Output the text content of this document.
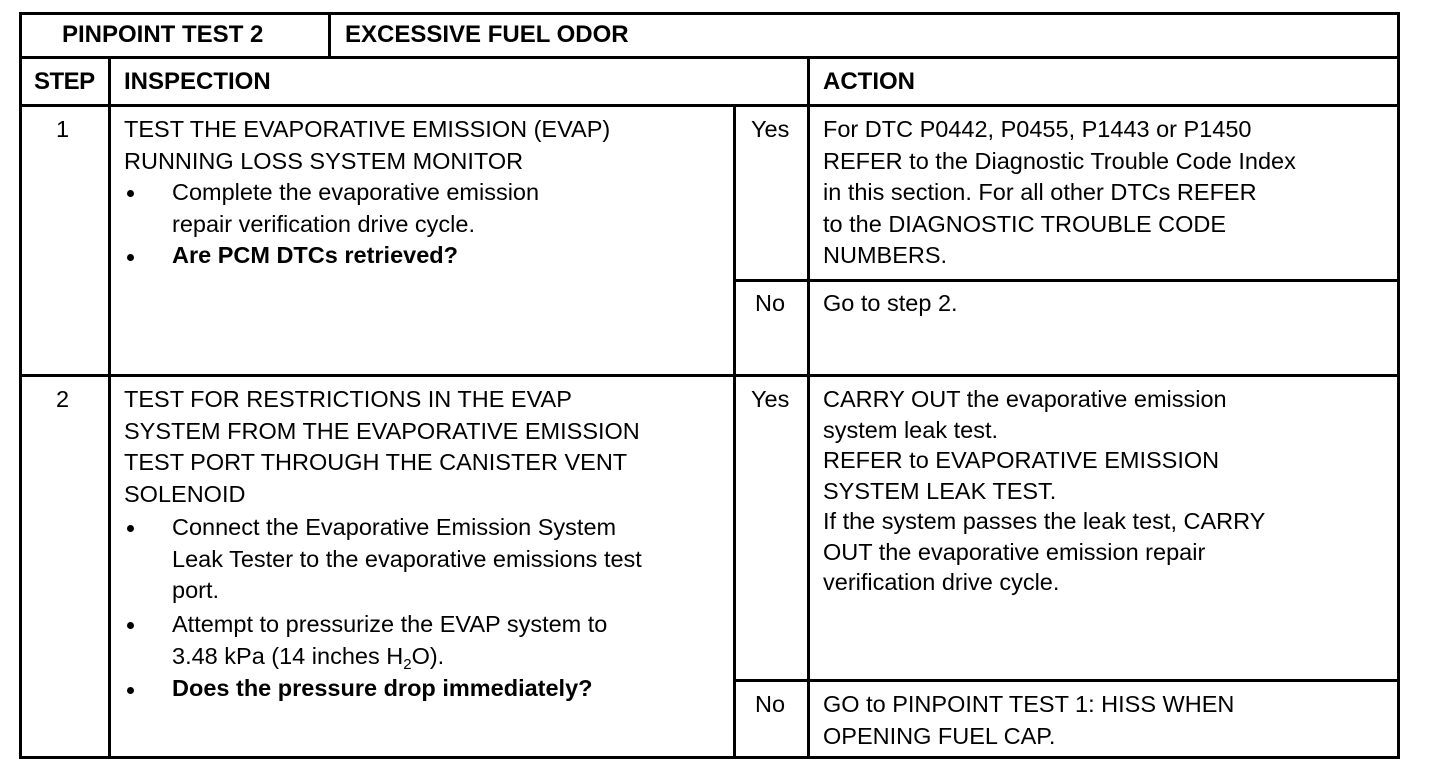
PINPOINT TEST 2	EXCESSIVE FUEL ODOR
STEP INSPECTION	ACTION
1 TEST THE EVAPORATIVE EMISSION (EVAP)
RUNNING LOSS SYSTEM MONITOR
Complete the evaporative emission
repair verification drive cycle.
Are PCM DTCs retrieved?
Yes For DTC P0442, P0455, P1443 or P1450
REFER to the Diagnostic Trouble Code Index
in this section. For all other DTCs REFER
to the DIAGNOSTIC TROUBLE CODE
NUMBERS.
No Go to step 2.
2 TEST FOR RESTRICTIONS IN THE EVAP
SYSTEM FROM THE EVAPORATIVE EMISSION
TEST PORT THROUGH THE CANISTER VENT
SOLENOID
Connect the Evaporative Emission System
Leak Tester to the evaporative emissions test
port.
Attempt to pressurize the EVAP system to
3.48 kPa (14 inches $H_2O$).
Does the pressure drop immediately?
Yes CARRY OUT the evaporative emission
system leak test.
REFER to EVAPORATIVE EMISSION
SYSTEM LEAK TEST.
If the system passes the leak test, CARRY
OUT the evaporative emission repair
verification drive cycle.
No GO to PINPOINT TEST 1: HISS WHEN
OPENING FUEL CAP.
